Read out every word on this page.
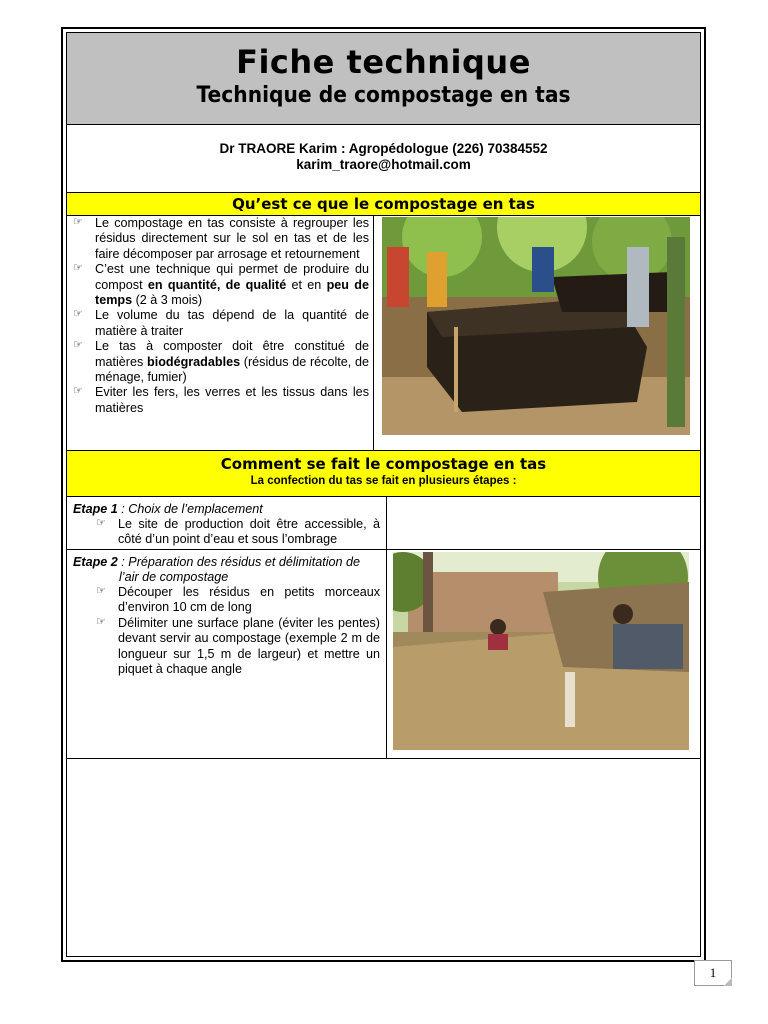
Fiche technique
Technique de compostage en tas
Dr TRAORE Karim : Agropédologue (226) 70384552
karim_traore@hotmail.com
Qu’est ce que le compostage en tas
☞ Le compostage en tas consiste à regrouper les résidus directement sur le sol en tas et de les faire décomposer par arrosage et retournement
☞ C’est une technique qui permet de produire du compost en quantité, de qualité et en peu de temps (2 à 3 mois)
☞ Le volume du tas dépend de la quantité de matière à traiter
☞ Le tas à composter doit être constitué de matières biodégradables (résidus de récolte, de ménage, fumier)
☞ Eviter les fers, les verres et les tissus dans les matières
Comment se fait le compostage en tas
La confection du tas se fait en plusieurs étapes :
Etape 1 : Choix de l’emplacement
☞ Le site de production doit être accessible, à côté d’un point d’eau et sous l’ombrage
Etape 2 : Préparation des résidus et délimitation de l’air de compostage
☞ Découper les résidus en petits morceaux d’environ 10 cm de long
☞ Délimiter une surface plane (éviter les pentes) devant servir au compostage (exemple 2 m de longueur sur 1,5 m de largeur) et mettre un piquet à chaque angle
1
